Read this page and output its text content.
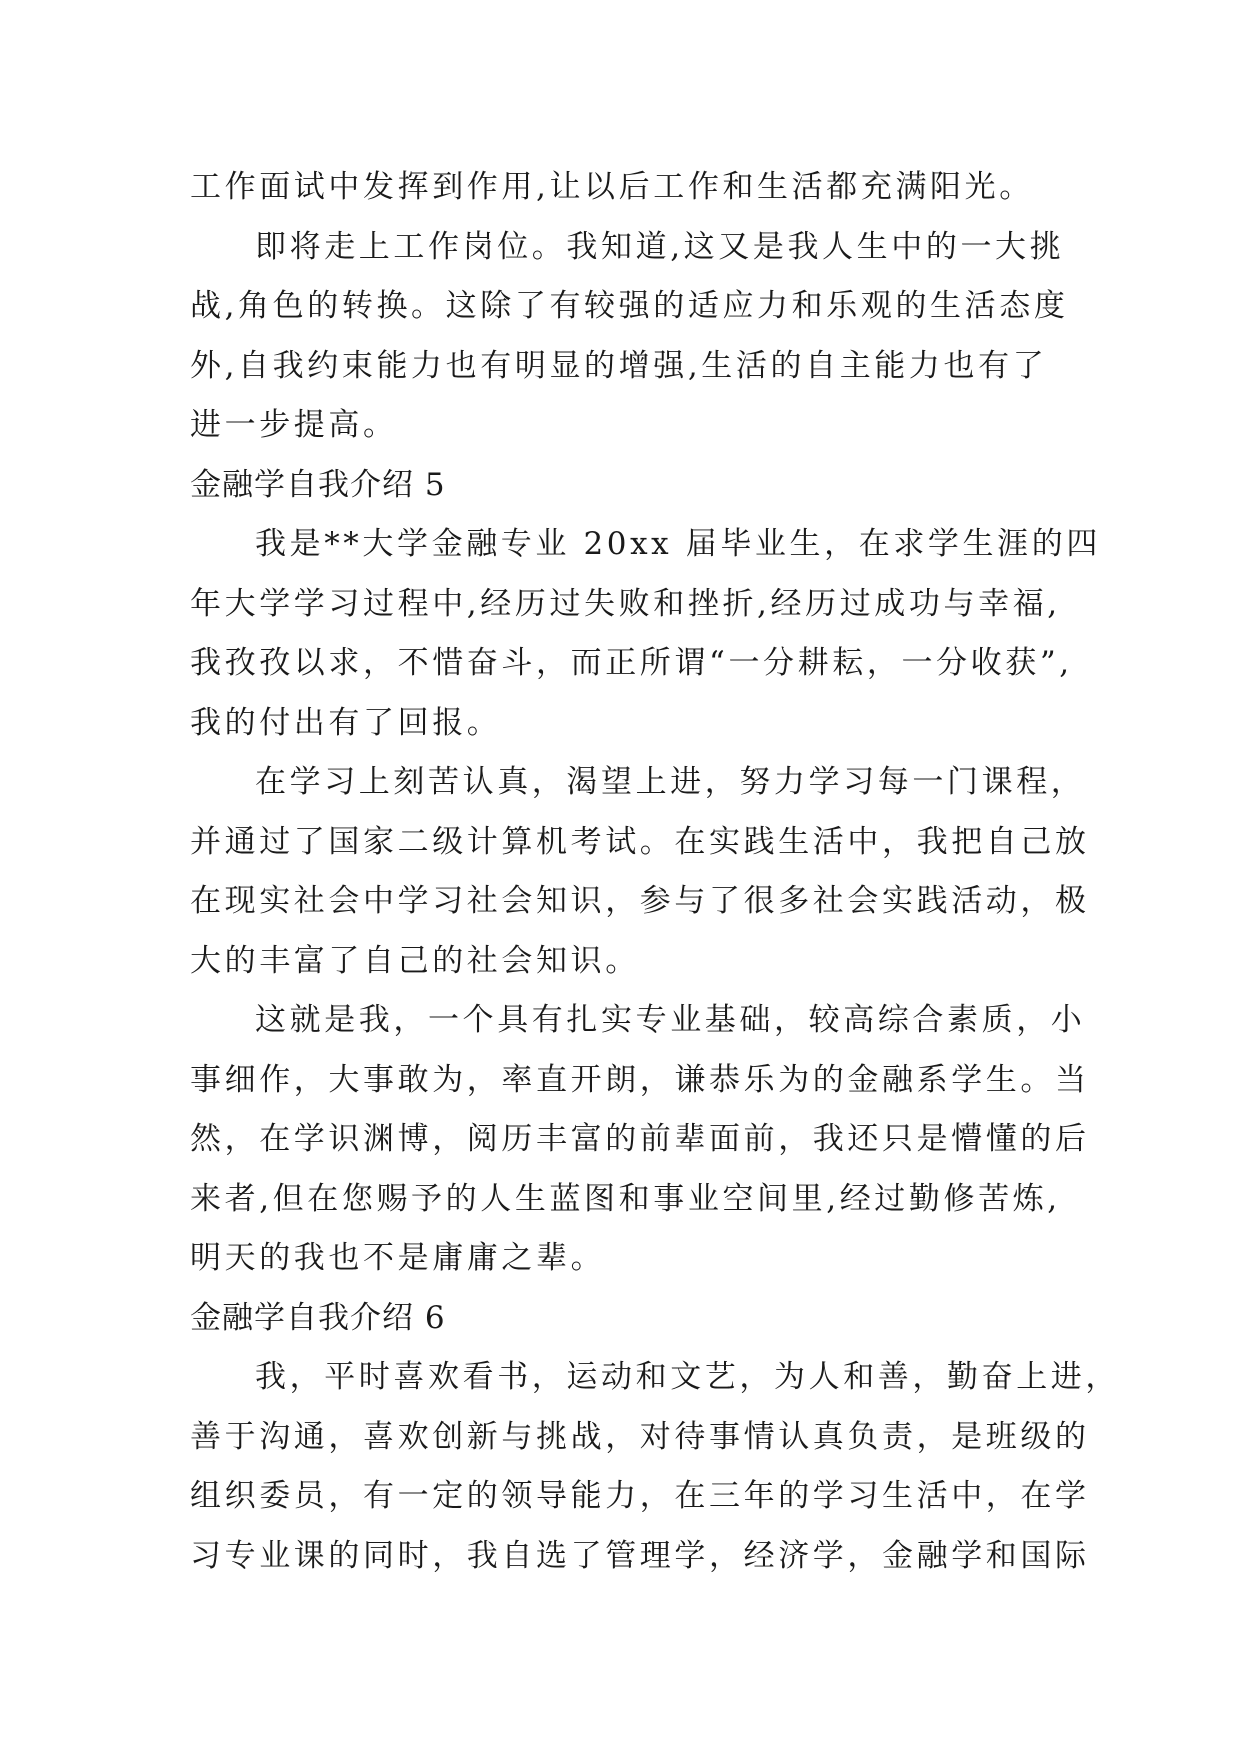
工作面试中发挥到作用,让以后工作和生活都充满阳光。
即将走上工作岗位。我知道,这又是我人生中的一大挑
战,角色的转换。这除了有较强的适应力和乐观的生活态度
外,自我约束能力也有明显的增强,生活的自主能力也有了
进一步提高。
金融学自我介绍 5
我是**大学金融专业 20xx 届毕业生，在求学生涯的四
年大学学习过程中,经历过失败和挫折,经历过成功与幸福,
我孜孜以求，不惜奋斗，而正所谓“一分耕耘，一分收获”,
我的付出有了回报。
在学习上刻苦认真，渴望上进，努力学习每一门课程，
并通过了国家二级计算机考试。在实践生活中，我把自己放
在现实社会中学习社会知识，参与了很多社会实践活动，极
大的丰富了自己的社会知识。
这就是我，一个具有扎实专业基础，较高综合素质，小
事细作，大事敢为，率直开朗，谦恭乐为的金融系学生。当
然，在学识渊博，阅历丰富的前辈面前，我还只是懵懂的后
来者,但在您赐予的人生蓝图和事业空间里,经过勤修苦炼,
明天的我也不是庸庸之辈。
金融学自我介绍 6
我，平时喜欢看书，运动和文艺，为人和善，勤奋上进，
善于沟通，喜欢创新与挑战，对待事情认真负责，是班级的
组织委员，有一定的领导能力，在三年的学习生活中，在学
习专业课的同时，我自选了管理学，经济学，金融学和国际
